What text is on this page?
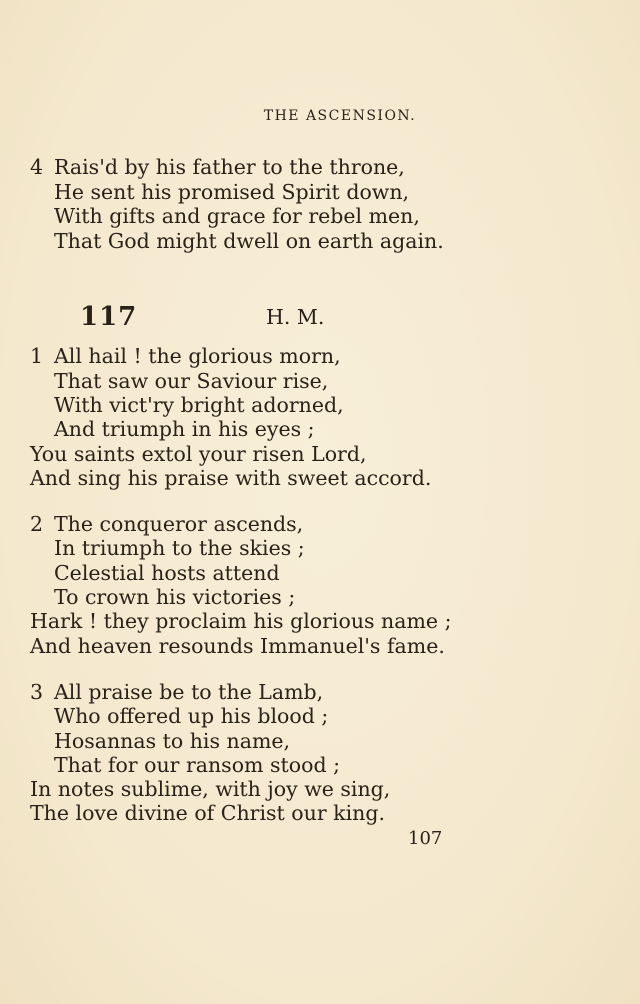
THE ASCENSION.
4 Rais'd by his father to the throne,
He sent his promised Spirit down,
With gifts and grace for rebel men,
That God might dwell on earth again.
117	H. M.
1 All hail ! the glorious morn,
That saw our Saviour rise,
With vict'ry bright adorned,
And triumph in his eyes ;
You saints extol your risen Lord,
And sing his praise with sweet accord.
2 The conqueror ascends,
In triumph to the skies ;
Celestial hosts attend
To crown his victories ;
Hark ! they proclaim his glorious name ;
And heaven resounds Immanuel's fame.
3 All praise be to the Lamb,
Who offered up his blood ;
Hosannas to his name,
That for our ransom stood ;
In notes sublime, with joy we sing,
The love divine of Christ our king.
107
